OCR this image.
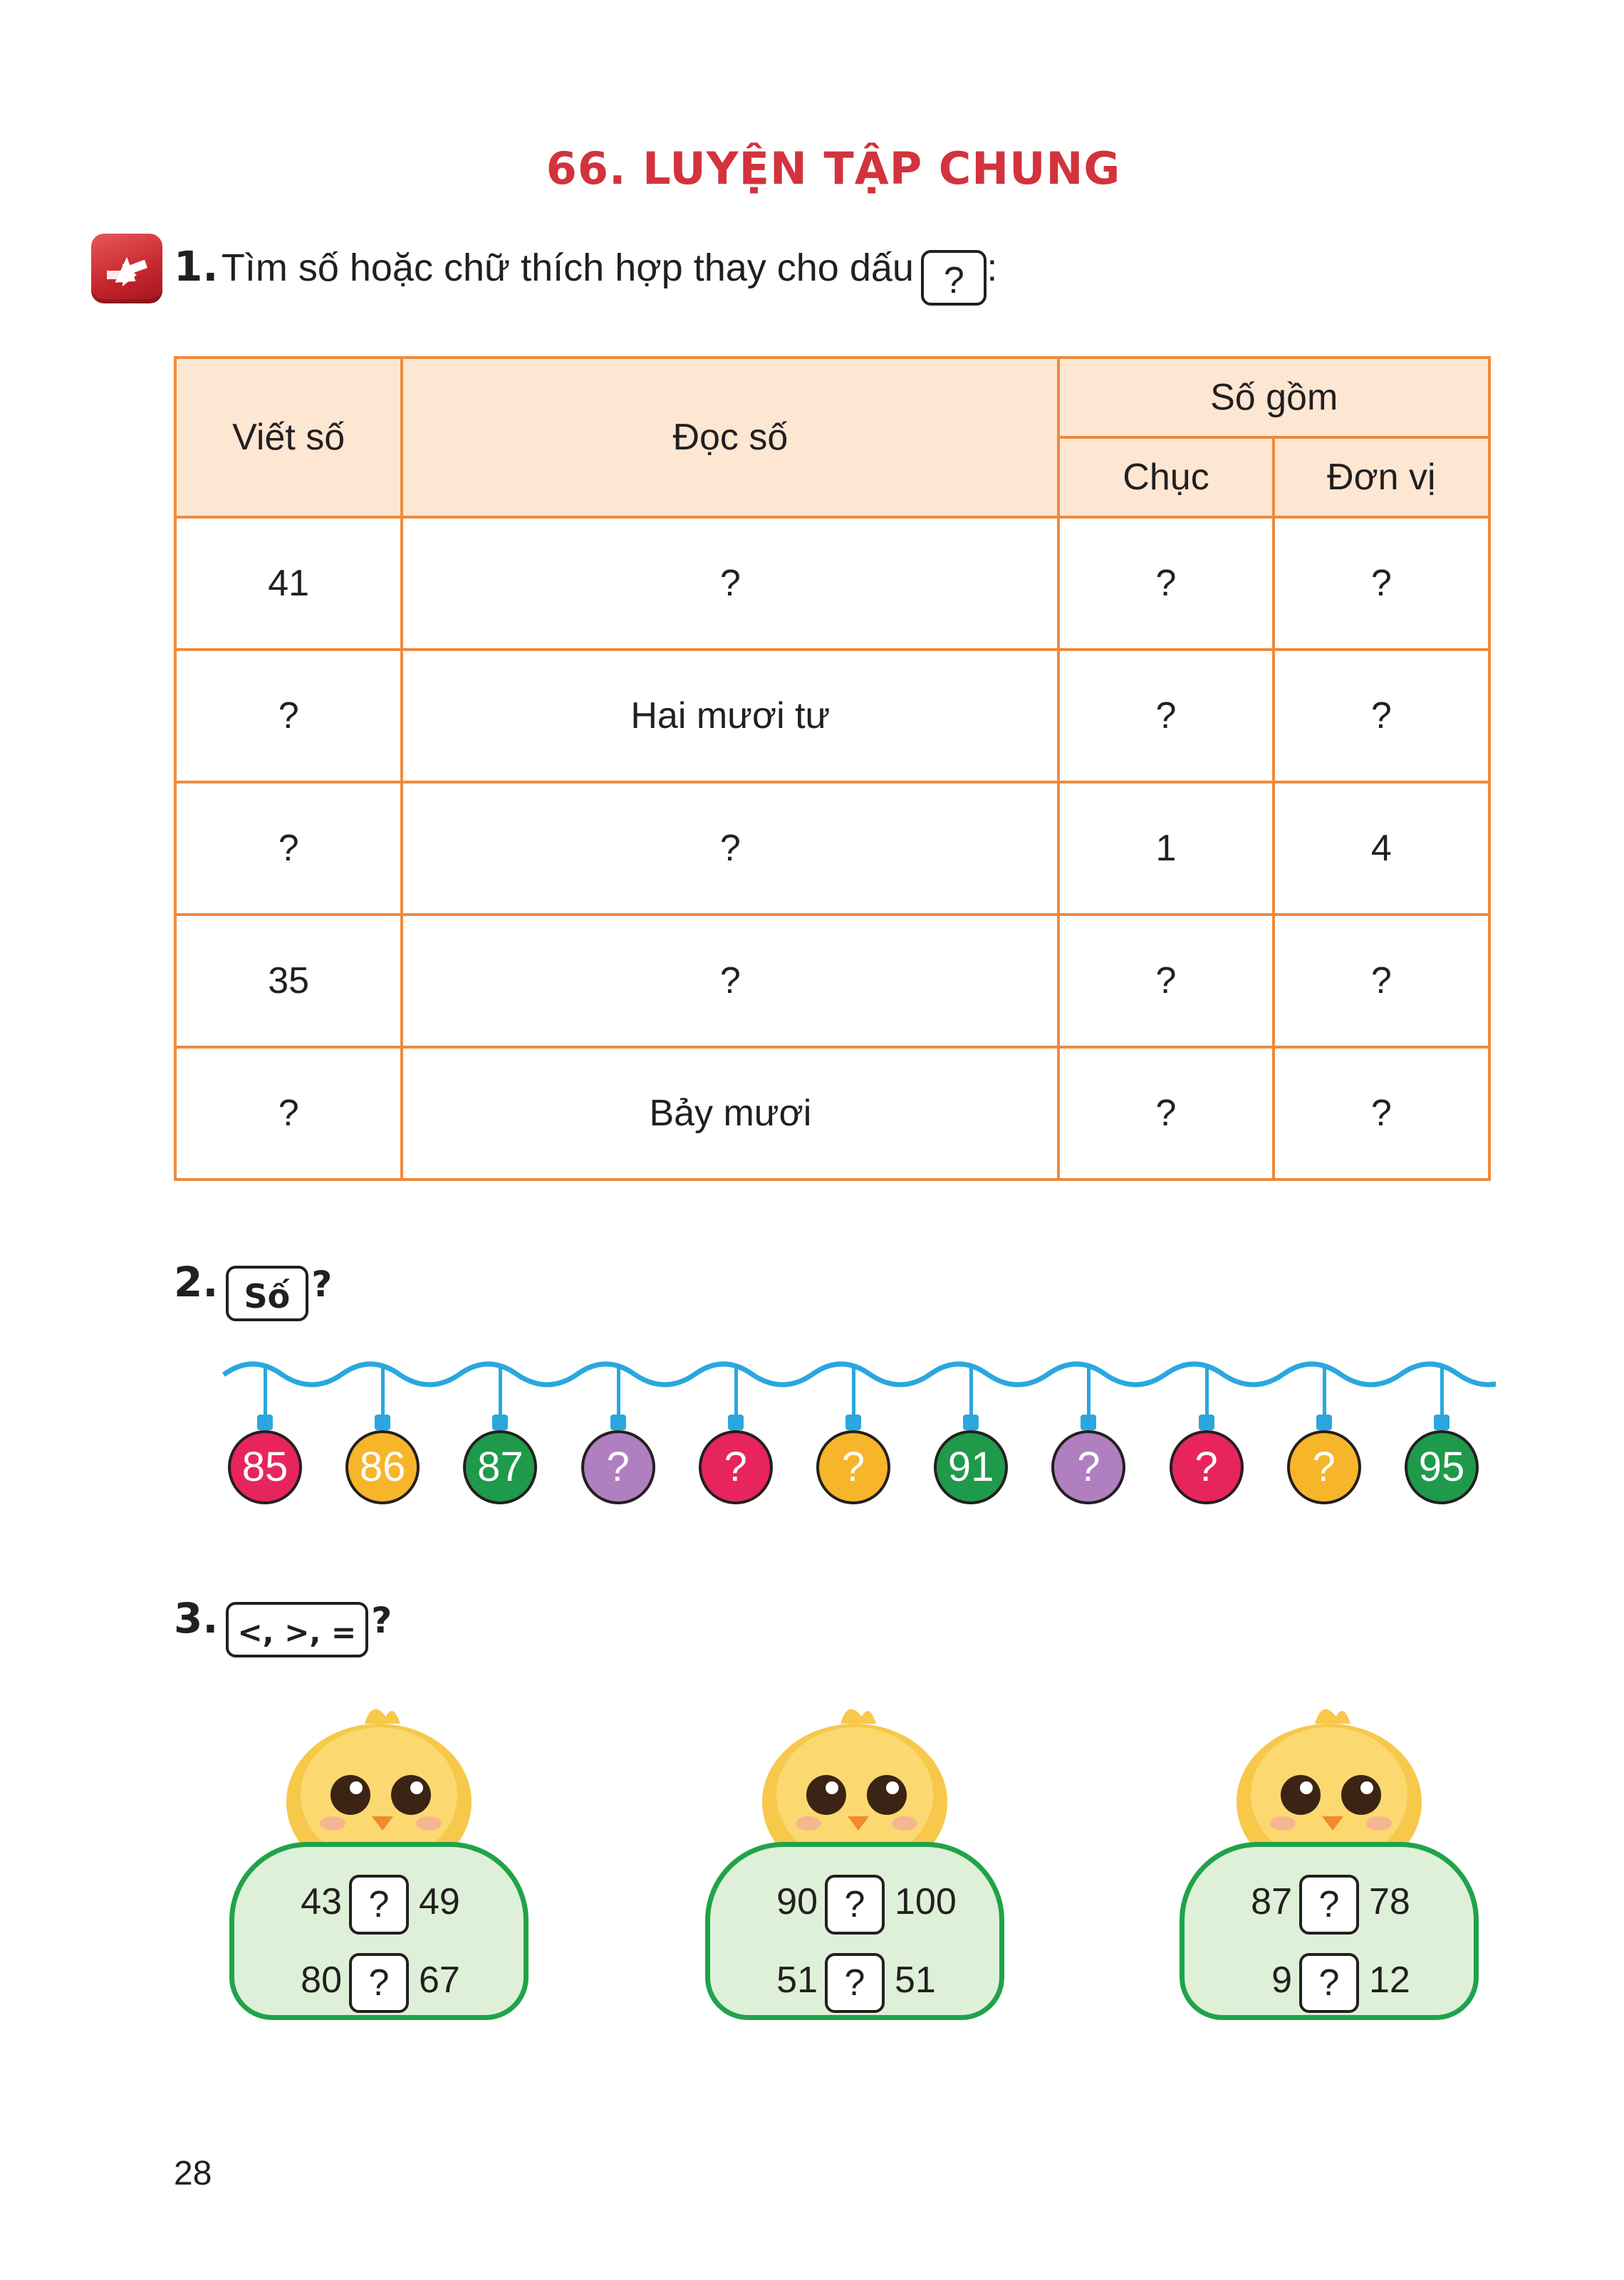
66. LUYỆN TẬP CHUNG
1. Tìm số hoặc chữ thích hợp thay cho dấu ? :
Viết số	Đọc số	Số gồm	
		Chục	Đơn vị
41	?	?	?
?	Hai mươi tư	?	?
?	?	1	4
35	?	?	?
?	Bảy mươi	?	?
2. Số ?
85	86	87	?	?	?	91	?	?	?	95
3. <, >, = ?
43 ? 49
80 ? 67
90 ? 100
51 ? 51
87 ? 78
9 ? 12
28
